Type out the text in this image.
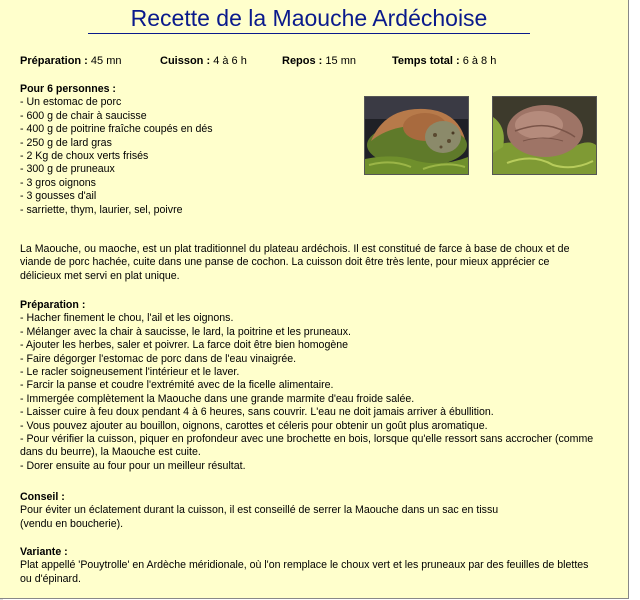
Recette de la Maouche Ardéchoise
Préparation : 45 mn	Cuisson : 4 à 6 h	Repos : 15 mn	Temps total : 6 à 8 h
Pour 6 personnes :
- Un estomac de porc
- 600 g de chair à saucisse
- 400 g de poitrine fraîche coupés en dés
- 250 g de lard gras
- 2 Kg de choux verts frisés
- 300 g de pruneaux
- 3 gros oignons
- 3 gousses d'ail
- sarriette, thym, laurier, sel, poivre
La Maouche, ou maoche, est un plat traditionnel du plateau ardéchois. Il est constitué de farce à base de choux et de
viande de porc hachée, cuite dans une panse de cochon. La cuisson doit être très lente, pour mieux apprécier ce
délicieux met servi en plat unique.
Préparation :
- Hacher finement le chou, l'ail et les oignons.
- Mélanger avec la chair à saucisse, le lard, la poitrine et les pruneaux.
- Ajouter les herbes, saler et poivrer. La farce doit être bien homogène
- Faire dégorger l'estomac de porc dans de l'eau vinaigrée.
- Le racler soigneusement l'intérieur et le laver.
- Farcir la panse et coudre l'extrémité avec de la ficelle alimentaire.
- Immergée complètement la Maouche dans une grande marmite d'eau froide salée.
- Laisser cuire à feu doux pendant 4 à 6 heures, sans couvrir. L'eau ne doit jamais arriver à ébullition.
- Vous pouvez ajouter au bouillon, oignons, carottes et céleris pour obtenir un goût plus aromatique.
- Pour vérifier la cuisson, piquer en profondeur avec une brochette en bois, lorsque qu'elle ressort sans accrocher (comme
dans du beurre), la Maouche est cuite.
- Dorer ensuite au four pour un meilleur résultat.
Conseil :
Pour éviter un éclatement durant la cuisson, il est conseillé de serrer la Maouche dans un sac en tissu
(vendu en boucherie).
Variante :
Plat appellé 'Pouytrolle' en Ardèche méridionale, où l'on remplace le choux vert et les pruneaux par des feuilles de blettes
ou d'épinard.
